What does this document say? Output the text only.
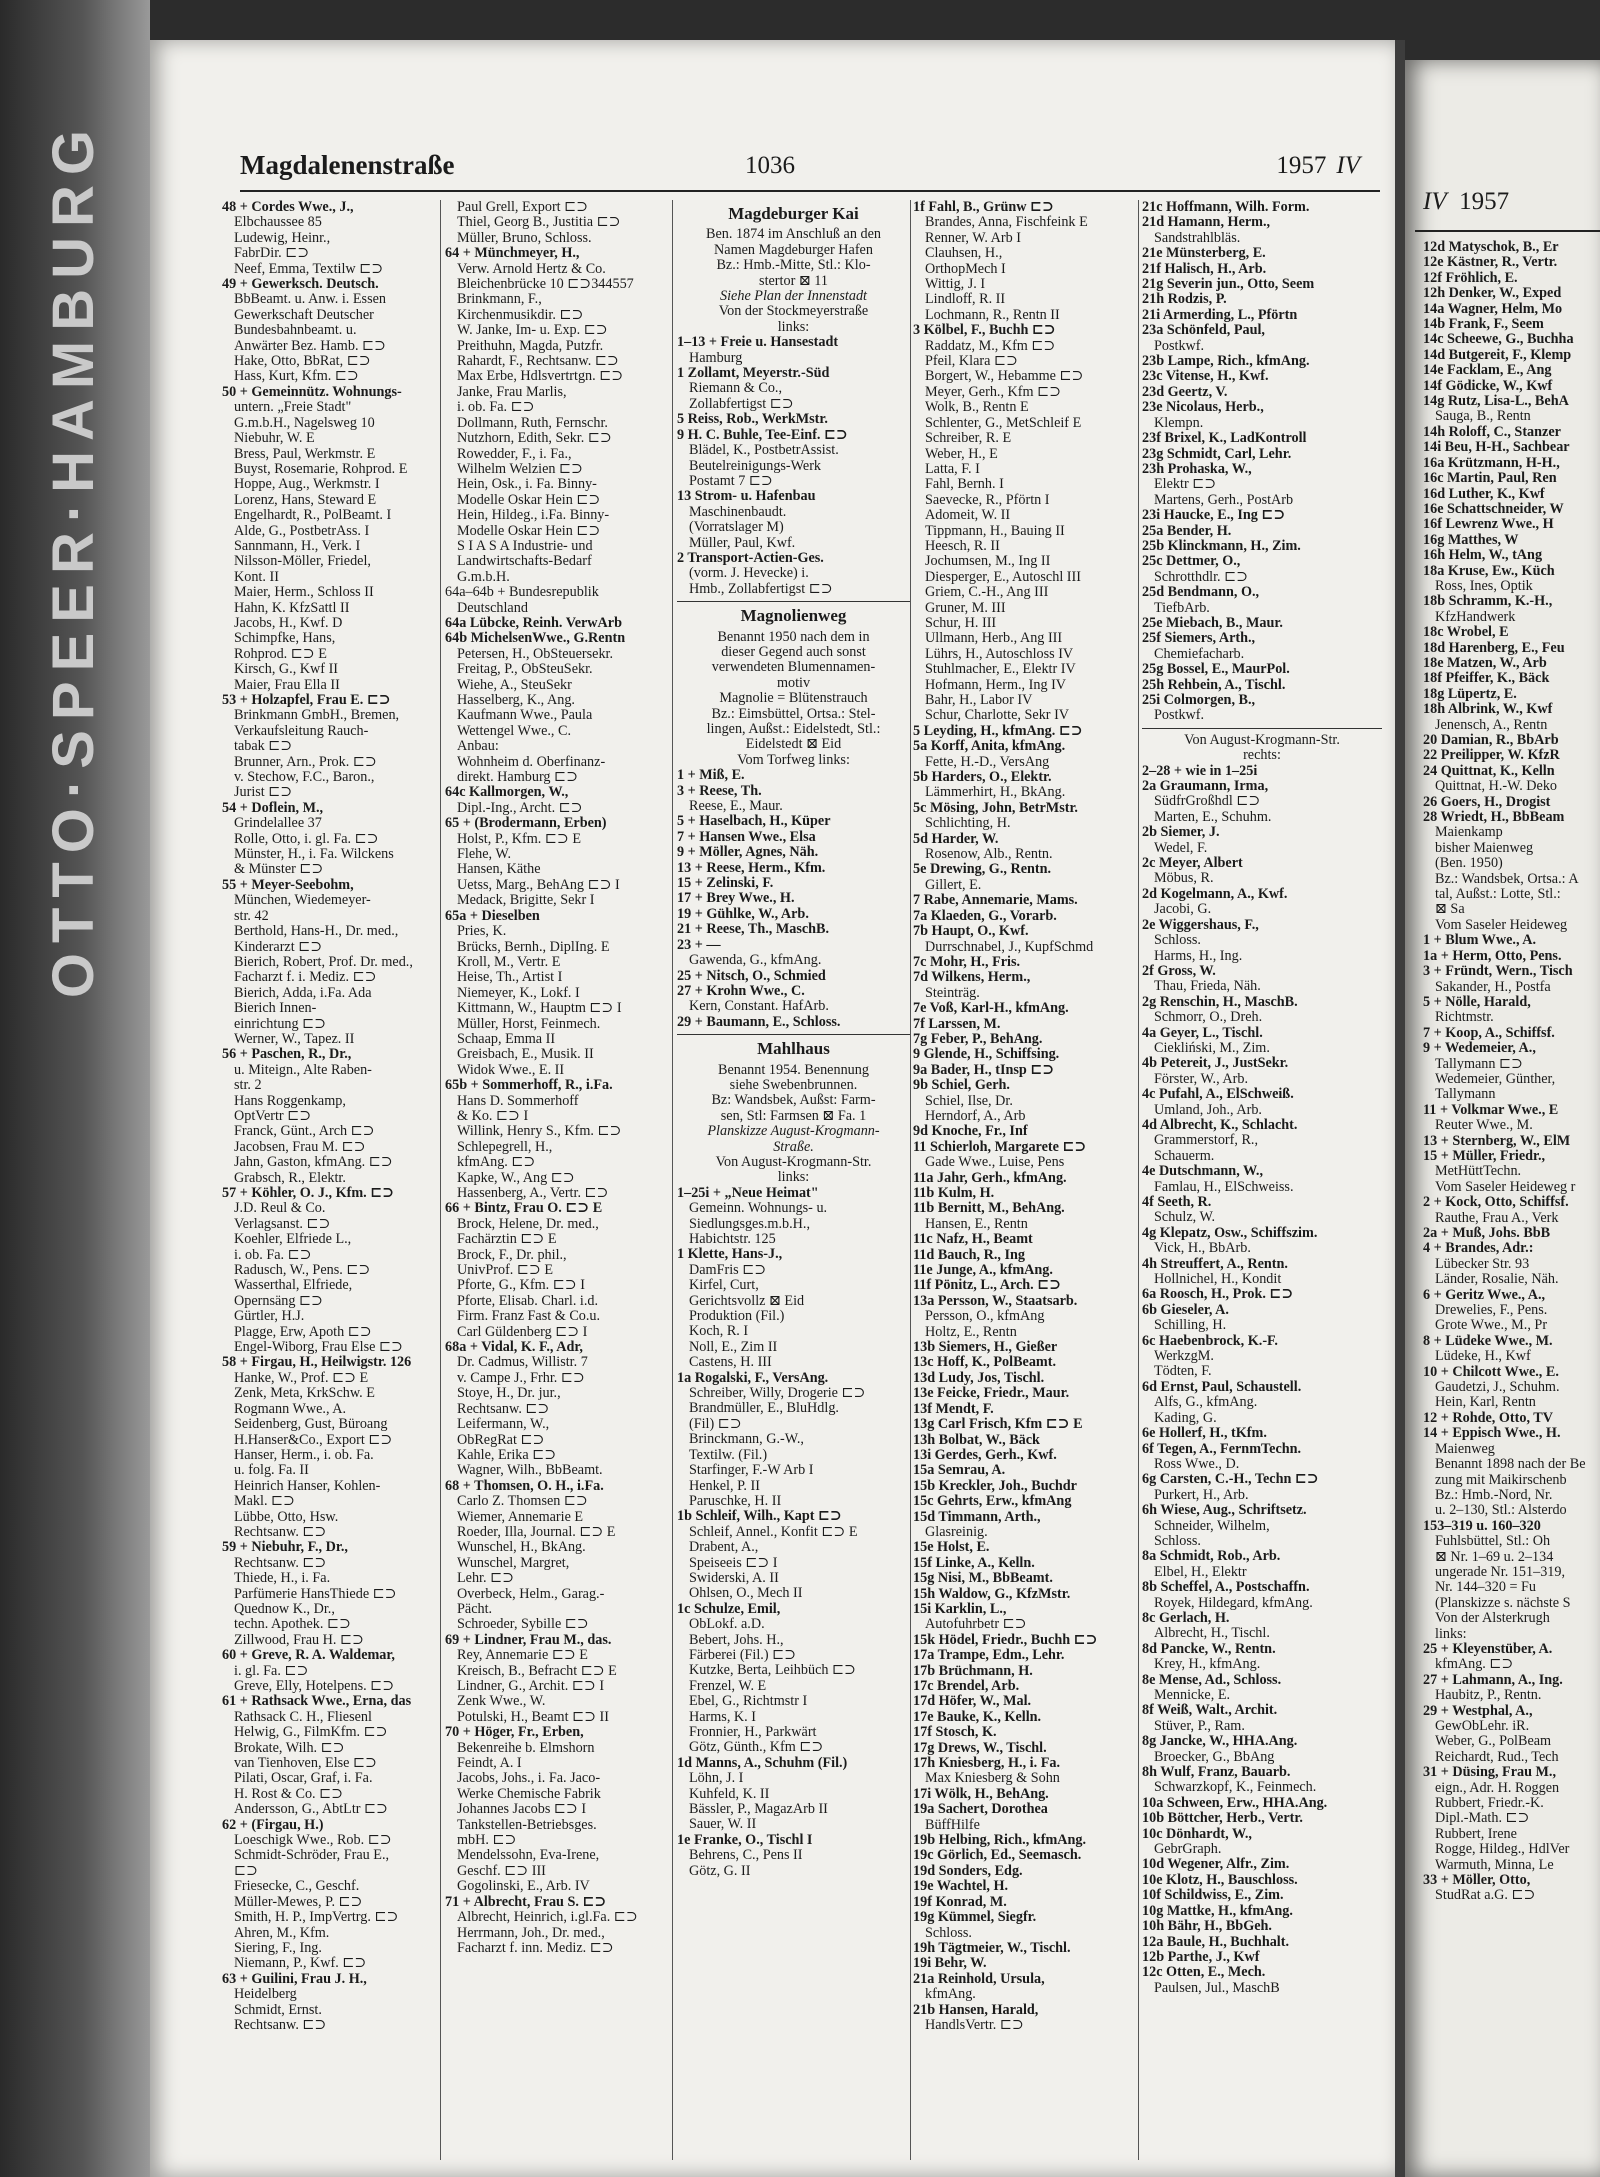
OTTO·SPEER·HAMBURG	Magdalenenstraße	1036	1957 IV
48 + Cordes Wwe., J.,
Elbchaussee 85
Ludewig, Heinr.,
FabrDir. ⊏⊃
Neef, Emma, Textilw ⊏⊃
49 + Gewerksch. Deutsch.
BbBeamt. u. Anw. i. Essen
Gewerkschaft Deutscher
Bundesbahnbeamt. u.
Anwärter Bez. Hamb. ⊏⊃
Hake, Otto, BbRat, ⊏⊃
Hass, Kurt, Kfm. ⊏⊃
50 + Gemeinnütz. Wohnungs-
untern. „Freie Stadt"
G.m.b.H., Nagelsweg 10
Niebuhr, W. E
Bress, Paul, Werkmstr. E
Buyst, Rosemarie, Rohprod. E
Hoppe, Aug., Werkmstr. I
Lorenz, Hans, Steward E
Engelhardt, R., PolBeamt. I
Alde, G., PostbetrAss. I
Sannmann, H., Verk. I
Nilsson-Möller, Friedel,
Kont. II
Maier, Herm., Schloss II
Hahn, K. KfzSattl II
Jacobs, H., Kwf. D
Schimpfke, Hans,
Rohprod. ⊏⊃ E
Kirsch, G., Kwf II
Maier, Frau Ella II
53 + Holzapfel, Frau E. ⊏⊃
Brinkmann GmbH., Bremen,
Verkaufsleitung Rauch-
tabak ⊏⊃
Brunner, Arn., Prok. ⊏⊃
v. Stechow, F.C., Baron.,
Jurist ⊏⊃
54 + Doflein, M.,
Grindelallee 37
Rolle, Otto, i. gl. Fa. ⊏⊃
Münster, H., i. Fa. Wilckens
& Münster ⊏⊃
55 + Meyer-Seebohm,
München, Wiedemeyer-
str. 42
Berthold, Hans-H., Dr. med.,
Kinderarzt ⊏⊃
Bierich, Robert, Prof. Dr. med.,
Facharzt f. i. Mediz. ⊏⊃
Bierich, Adda, i.Fa. Ada
Bierich Innen-
einrichtung ⊏⊃
Werner, W., Tapez. II
56 + Paschen, R., Dr.,
u. Miteign., Alte Raben-
str. 2
Hans Roggenkamp,
OptVertr ⊏⊃
Franck, Günt., Arch ⊏⊃
Jacobsen, Frau M. ⊏⊃
Jahn, Gaston, kfmAng. ⊏⊃
Grabsch, R., Elektr.
57 + Köhler, O. J., Kfm. ⊏⊃
J.D. Reul & Co.
Verlagsanst. ⊏⊃
Koehler, Elfriede L.,
i. ob. Fa. ⊏⊃
Radusch, W., Pens. ⊏⊃
Wasserthal, Elfriede,
Opernsäng ⊏⊃
Gürtler, H.J.
Plagge, Erw, Apoth ⊏⊃
Engel-Wiborg, Frau Else ⊏⊃
58 + Firgau, H., Heilwigstr. 126
Hanke, W., Prof. ⊏⊃ E
Zenk, Meta, KrkSchw. E
Rogmann Wwe., A.
Seidenberg, Gust, Büroang
H.Hanser&Co., Export ⊏⊃
Hanser, Herm., i. ob. Fa.
u. folg. Fa. II
Heinrich Hanser, Kohlen-
Makl. ⊏⊃
Lübbe, Otto, Hsw.
Rechtsanw. ⊏⊃
59 + Niebuhr, F., Dr.,
Rechtsanw. ⊏⊃
Thiede, H., i. Fa.
Parfümerie HansThiede ⊏⊃
Quednow K., Dr.,
techn. Apothek. ⊏⊃
Zillwood, Frau H. ⊏⊃
60 + Greve, R. A. Waldemar,
i. gl. Fa. ⊏⊃
Greve, Elly, Hotelpens. ⊏⊃
61 + Rathsack Wwe., Erna, das
Rathsack C. H., Fliesenl
Helwig, G., FilmKfm. ⊏⊃
Brokate, Wilh. ⊏⊃
van Tienhoven, Else ⊏⊃
Pilati, Oscar, Graf, i. Fa.
H. Rost & Co. ⊏⊃
Andersson, G., AbtLtr ⊏⊃
62 + (Firgau, H.)
Loeschigk Wwe., Rob. ⊏⊃
Schmidt-Schröder, Frau E.,
⊏⊃
Friesecke, C., Geschf.
Müller-Mewes, P. ⊏⊃
Smith, H. P., ImpVertrg. ⊏⊃
Ahren, M., Kfm.
Siering, F., Ing.
Niemann, P., Kwf. ⊏⊃
63 + Guilini, Frau J. H.,
Heidelberg
Schmidt, Ernst.
Rechtsanw. ⊏⊃
Paul Grell, Export ⊏⊃
Thiel, Georg B., Justitia ⊏⊃
Müller, Bruno, Schloss.
64 + Münchmeyer, H.,
Verw. Arnold Hertz & Co.
Bleichenbrücke 10 ⊏⊃344557
Brinkmann, F.,
Kirchenmusikdir. ⊏⊃
W. Janke, Im- u. Exp. ⊏⊃
Preithuhn, Magda, Putzfr.
Rahardt, F., Rechtsanw. ⊏⊃
Max Erbe, Hdlsvertrtgn. ⊏⊃
Janke, Frau Marlis,
i. ob. Fa. ⊏⊃
Dollmann, Ruth, Fernschr.
Nutzhorn, Edith, Sekr. ⊏⊃
Rowedder, F., i. Fa.,
Wilhelm Welzien ⊏⊃
Hein, Osk., i. Fa. Binny-
Modelle Oskar Hein ⊏⊃
Hein, Hildeg., i.Fa. Binny-
Modelle Oskar Hein ⊏⊃
S I A S A Industrie- und
Landwirtschafts-Bedarf
G.m.b.H.
64a–64b + Bundesrepublik
Deutschland
64a Lübcke, Reinh. VerwArb
64b MichelsenWwe., G.Rentn
Petersen, H., ObSteuersekr.
Freitag, P., ObSteuSekr.
Wiehe, A., SteuSekr
Hasselberg, K., Ang.
Kaufmann Wwe., Paula
Wettengel Wwe., C.
Anbau:
Wohnheim d. Oberfinanz-
direkt. Hamburg ⊏⊃
64c Kallmorgen, W.,
Dipl.-Ing., Archt. ⊏⊃
65 + (Brodermann, Erben)
Holst, P., Kfm. ⊏⊃ E
Flehe, W.
Hansen, Käthe
Uetss, Marg., BehAng ⊏⊃ I
Medack, Brigitte, Sekr I
65a + Dieselben
Pries, K.
Brücks, Bernh., DiplIng. E
Kroll, M., Vertr. E
Heise, Th., Artist I
Niemeyer, K., Lokf. I
Kittmann, W., Hauptm ⊏⊃ I
Müller, Horst, Feinmech.
Schaap, Emma II
Greisbach, E., Musik. II
Widok Wwe., E. II
65b + Sommerhoff, R., i.Fa.
Hans D. Sommerhoff
& Ko. ⊏⊃ I
Willink, Henry S., Kfm. ⊏⊃
Schlepegrell, H.,
kfmAng. ⊏⊃
Kapke, W., Ang ⊏⊃
Hassenberg, A., Vertr. ⊏⊃
66 + Bintz, Frau O. ⊏⊃ E
Brock, Helene, Dr. med.,
Fachärztin ⊏⊃ E
Brock, F., Dr. phil.,
UnivProf. ⊏⊃ E
Pforte, G., Kfm. ⊏⊃ I
Pforte, Elisab. Charl. i.d.
Firm. Franz Fast & Co.u.
Carl Güldenberg ⊏⊃ I
68a + Vidal, K. F., Adr,
Dr. Cadmus, Willistr. 7
v. Campe J., Frhr. ⊏⊃
Stoye, H., Dr. jur.,
Rechtsanw. ⊏⊃
Leifermann, W.,
ObRegRat ⊏⊃
Kahle, Erika ⊏⊃
Wagner, Wilh., BbBeamt.
68 + Thomsen, O. H., i.Fa.
Carlo Z. Thomsen ⊏⊃
Wiemer, Annemarie E
Roeder, Illa, Journal. ⊏⊃ E
Wunschel, H., BkAng.
Wunschel, Margret,
Lehr. ⊏⊃
Overbeck, Helm., Garag.-
Pächt.
Schroeder, Sybille ⊏⊃
69 + Lindner, Frau M., das.
Rey, Annemarie ⊏⊃ E
Kreisch, B., Befracht ⊏⊃ E
Lindner, G., Archit. ⊏⊃ I
Zenk Wwe., W.
Potulski, H., Beamt ⊏⊃ II
70 + Höger, Fr., Erben,
Bekenreihe b. Elmshorn
Feindt, A. I
Jacobs, Johs., i. Fa. Jaco-
Werke Chemische Fabrik
Johannes Jacobs ⊏⊃ I
Tankstellen-Betriebsges.
mbH. ⊏⊃
Mendelssohn, Eva-Irene,
Geschf. ⊏⊃ III
Gogolinski, E., Arb. IV
71 + Albrecht, Frau S. ⊏⊃
Albrecht, Heinrich, i.gl.Fa. ⊏⊃
Herrmann, Joh., Dr. med.,
Facharzt f. inn. Mediz. ⊏⊃
Magdeburger Kai
Ben. 1874 im Anschluß an den
Namen Magdeburger Hafen
Bz.: Hmb.-Mitte, Stl.: Klo-
stertor ⊠ 11
Siehe Plan der Innenstadt
Von der Stockmeyerstraße
links:
1–13 + Freie u. Hansestadt
Hamburg
1 Zollamt, Meyerstr.-Süd
Riemann & Co.,
Zollabfertigst ⊏⊃
5 Reiss, Rob., WerkMstr.
9 H. C. Buhle, Tee-Einf. ⊏⊃
Blädel, K., PostbetrAssist.
Beutelreinigungs-Werk
Postamt 7 ⊏⊃
13 Strom- u. Hafenbau
Maschinenbaudt.
(Vorratslager M)
Müller, Paul, Kwf.
2 Transport-Actien-Ges.
(vorm. J. Hevecke) i.
Hmb., Zollabfertigst ⊏⊃
Magnolienweg
Benannt 1950 nach dem in
dieser Gegend auch sonst
verwendeten Blumennamen-
motiv
Magnolie = Blütenstrauch
Bz.: Eimsbüttel, Ortsa.: Stel-
lingen, Außst.: Eidelstedt, Stl.:
Eidelstedt ⊠ Eid
Vom Torfweg links:
1 + Miß, E.
3 + Reese, Th.
Reese, E., Maur.
5 + Haselbach, H., Küper
7 + Hansen Wwe., Elsa
9 + Möller, Agnes, Näh.
13 + Reese, Herm., Kfm.
15 + Zelinski, F.
17 + Brey Wwe., H.
19 + Gühlke, W., Arb.
21 + Reese, Th., MaschB.
23 + —
Gawenda, G., kfmAng.
25 + Nitsch, O., Schmied
27 + Krohn Wwe., C.
Kern, Constant. HafArb.
29 + Baumann, E., Schloss.
Mahlhaus
Benannt 1954. Benennung
siehe Swebenbrunnen.
Bz: Wandsbek, Außst: Farm-
sen, Stl: Farmsen ⊠ Fa. 1
Planskizze August-Krogmann-
Straße.
Von August-Krogmann-Str.
links:
1–25i + „Neue Heimat"
Gemeinn. Wohnungs- u.
Siedlungsges.m.b.H.,
Habichtstr. 125
1 Klette, Hans-J.,
DamFris ⊏⊃
Kirfel, Curt,
Gerichtsvollz ⊠ Eid
Produktion (Fil.)
Koch, R. I
Noll, E., Zim II
Castens, H. III
1a Rogalski, F., VersAng.
Schreiber, Willy, Drogerie ⊏⊃
Brandmüller, E., BluHdlg.
(Fil) ⊏⊃
Brinckmann, G.-W.,
Textilw. (Fil.)
Starfinger, F.-W Arb I
Henkel, P. II
Paruschke, H. II
1b Schleif, Wilh., Kapt ⊏⊃
Schleif, Annel., Konfit ⊏⊃ E
Drabent, A.,
Speiseeis ⊏⊃ I
Swiderski, A. II
Ohlsen, O., Mech II
1c Schulze, Emil,
ObLokf. a.D.
Bebert, Johs. H.,
Färberei (Fil.) ⊏⊃
Kutzke, Berta, Leihbüch ⊏⊃
Frenzel, W. E
Ebel, G., Richtmstr I
Harms, K. I
Fronnier, H., Parkwärt
Götz, Günth., Kfm ⊏⊃
1d Manns, A., Schuhm (Fil.)
Löhn, J. I
Kuhfeld, K. II
Bässler, P., MagazArb II
Sauer, W. II
1e Franke, O., Tischl I
Behrens, C., Pens II
Götz, G. II
1f Fahl, B., Grünw ⊏⊃
Brandes, Anna, Fischfeink E
Renner, W. Arb I
Clauhsen, H.,
OrthopMech I
Wittig, J. I
Lindloff, R. II
Lochmann, R., Rentn II
3 Kölbel, F., Buchh ⊏⊃
Raddatz, M., Kfm ⊏⊃
Pfeil, Klara ⊏⊃
Borgert, W., Hebamme ⊏⊃
Meyer, Gerh., Kfm ⊏⊃
Wolk, B., Rentn E
Schlenter, G., MetSchleif E
Schreiber, R. E
Weber, H., E
Latta, F. I
Fahl, Bernh. I
Saevecke, R., Pförtn I
Adomeit, W. II
Tippmann, H., Bauing II
Heesch, R. II
Jochumsen, M., Ing II
Diesperger, E., Autoschl III
Griem, C.-H., Ang III
Gruner, M. III
Schur, H. III
Ullmann, Herb., Ang III
Lührs, H., Autoschloss IV
Stuhlmacher, E., Elektr IV
Hofmann, Herm., Ing IV
Bahr, H., Labor IV
Schur, Charlotte, Sekr IV
5 Leyding, H., kfmAng. ⊏⊃
5a Korff, Anita, kfmAng.
Fette, H.-D., VersAng
5b Harders, O., Elektr.
Lämmerhirt, H., BkAng.
5c Mösing, John, BetrMstr.
Schlichting, H.
5d Harder, W.
Rosenow, Alb., Rentn.
5e Drewing, G., Rentn.
Gillert, E.
7 Rabe, Annemarie, Mams.
7a Klaeden, G., Vorarb.
7b Haupt, O., Kwf.
Durrschnabel, J., KupfSchmd
7c Mohr, H., Fris.
7d Wilkens, Herm.,
Steinträg.
7e Voß, Karl-H., kfmAng.
7f Larssen, M.
7g Feber, P., BehAng.
9 Glende, H., Schiffsing.
9a Bader, H., tInsp ⊏⊃
9b Schiel, Gerh.
Schiel, Ilse, Dr.
Herndorf, A., Arb
9d Knoche, Fr., Inf
11 Schierloh, Margarete ⊏⊃
Gade Wwe., Luise, Pens
11a Jahr, Gerh., kfmAng.
11b Kulm, H.
11b Bernitt, M., BehAng.
Hansen, E., Rentn
11c Nafz, H., Beamt
11d Bauch, R., Ing
11e Junge, A., kfmAng.
11f Pönitz, L., Arch. ⊏⊃
13a Persson, W., Staatsarb.
Persson, O., kfmAng
Holtz, E., Rentn
13b Siemers, H., Gießer
13c Hoff, K., PolBeamt.
13d Ludy, Jos, Tischl.
13e Feicke, Friedr., Maur.
13f Mendt, F.
13g Carl Frisch, Kfm ⊏⊃ E
13h Bolbat, W., Bäck
13i Gerdes, Gerh., Kwf.
15a Semrau, A.
15b Kreckler, Joh., Buchdr
15c Gehrts, Erw., kfmAng
15d Timmann, Arth.,
Glasreinig.
15e Holst, E.
15f Linke, A., Kelln.
15g Nisi, M., BbBeamt.
15h Waldow, G., KfzMstr.
15i Karklin, L.,
Autofuhrbetr ⊏⊃
15k Hödel, Friedr., Buchh ⊏⊃
17a Trampe, Edm., Lehr.
17b Brüchmann, H.
17c Brendel, Arb.
17d Höfer, W., Mal.
17e Bauke, K., Kelln.
17f Stosch, K.
17g Drews, W., Tischl.
17h Kniesberg, H., i. Fa.
Max Kniesberg & Sohn
17i Wölk, H., BehAng.
19a Sachert, Dorothea
BüffHilfe
19b Helbing, Rich., kfmAng.
19c Görlich, Ed., Seemasch.
19d Sonders, Edg.
19e Wachtel, H.
19f Konrad, M.
19g Kümmel, Siegfr.
Schloss.
19h Tägtmeier, W., Tischl.
19i Behr, W.
21a Reinhold, Ursula,
kfmAng.
21b Hansen, Harald,
HandlsVertr. ⊏⊃
21c Hoffmann, Wilh. Form.
21d Hamann, Herm.,
Sandstrahlbläs.
21e Münsterberg, E.
21f Halisch, H., Arb.
21g Severin jun., Otto, Seem
21h Rodzis, P.
21i Armerding, L., Pförtn
23a Schönfeld, Paul,
Postkwf.
23b Lampe, Rich., kfmAng.
23c Vitense, H., Kwf.
23d Geertz, V.
23e Nicolaus, Herb.,
Klempn.
23f Brixel, K., LadKontroll
23g Schmidt, Carl, Lehr.
23h Prohaska, W.,
Elektr ⊏⊃
Martens, Gerh., PostArb
23i Haucke, E., Ing ⊏⊃
25a Bender, H.
25b Klinckmann, H., Zim.
25c Dettmer, O.,
Schrotthdlr. ⊏⊃
25d Bendmann, O.,
TiefbArb.
25e Miebach, B., Maur.
25f Siemers, Arth.,
Chemiefacharb.
25g Bossel, E., MaurPol.
25h Rehbein, A., Tischl.
25i Colmorgen, B.,
Postkwf.
Von August-Krogmann-Str.
rechts:
2–28 + wie in 1–25i
2a Graumann, Irma,
SüdfrGroßhdl ⊏⊃
Marten, E., Schuhm.
2b Siemer, J.
Wedel, F.
2c Meyer, Albert
Möbus, R.
2d Kogelmann, A., Kwf.
Jacobi, G.
2e Wiggershaus, F.,
Schloss.
Harms, H., Ing.
2f Gross, W.
Thau, Frieda, Näh.
2g Renschin, H., MaschB.
Schmorr, O., Dreh.
4a Geyer, L., Tischl.
Ciekliński, M., Zim.
4b Petereit, J., JustSekr.
Förster, W., Arb.
4c Pufahl, A., ElSchweiß.
Umland, Joh., Arb.
4d Albrecht, K., Schlacht.
Grammerstorf, R.,
Schauerm.
4e Dutschmann, W.,
Famlau, H., ElSchweiss.
4f Seeth, R.
Schulz, W.
4g Klepatz, Osw., Schiffszim.
Vick, H., BbArb.
4h Streuffert, A., Rentn.
Hollnichel, H., Kondit
6a Roosch, H., Prok. ⊏⊃
6b Gieseler, A.
Schilling, H.
6c Haebenbrock, K.-F.
WerkzgM.
Tödten, F.
6d Ernst, Paul, Schaustell.
Alfs, G., kfmAng.
Kading, G.
6e Hollerf, H., tKfm.
6f Tegen, A., FernmTechn.
Ross Wwe., D.
6g Carsten, C.-H., Techn ⊏⊃
Purkert, H., Arb.
6h Wiese, Aug., Schriftsetz.
Schneider, Wilhelm,
Schloss.
8a Schmidt, Rob., Arb.
Elbel, H., Elektr
8b Scheffel, A., Postschaffn.
Royek, Hildegard, kfmAng.
8c Gerlach, H.
Albrecht, H., Tischl.
8d Pancke, W., Rentn.
Krey, H., kfmAng.
8e Mense, Ad., Schloss.
Mennicke, E.
8f Weiß, Walt., Archit.
Stüver, P., Ram.
8g Jancke, W., HHA.Ang.
Broecker, G., BbAng
8h Wulf, Franz, Bauarb.
Schwarzkopf, K., Feinmech.
10a Schween, Erw., HHA.Ang.
10b Böttcher, Herb., Vertr.
10c Dönhardt, W.,
GebrGraph.
10d Wegener, Alfr., Zim.
10e Klotz, H., Bauschloss.
10f Schildwiss, E., Zim.
10g Mattke, H., kfmAng.
10h Bähr, H., BbGeh.
12a Baule, H., Buchhalt.
12b Parthe, J., Kwf
12c Otten, E., Mech.
Paulsen, Jul., MaschB
IV 1957
12d Matyschok, B., Er
12e Kästner, R., Vertr.
12f Fröhlich, E.
12h Denker, W., Exped
14a Wagner, Helm, Mo
14b Frank, F., Seem
14c Scheewe, G., Buchha
14d Butgereit, F., Klemp
14e Facklam, E., Ang
14f Gödicke, W., Kwf
14g Rutz, Lisa-L., BehA
Sauga, B., Rentn
14h Roloff, C., Stanzer
14i Beu, H-H., Sachbear
16a Krützmann, H-H.,
16c Martin, Paul, Ren
16d Luther, K., Kwf
16e Schattschneider, W
16f Lewrenz Wwe., H
16g Matthes, W
16h Helm, W., tAng
18a Kruse, Ew., Küch
Ross, Ines, Optik
18b Schramm, K.-H.,
KfzHandwerk
18c Wrobel, E
18d Harenberg, E., Feu
18e Matzen, W., Arb
18f Pfeiffer, K., Bäck
18g Lüpertz, E.
18h Albrink, W., Kwf
Jenensch, A., Rentn
20 Damian, R., BbArb
22 Preilipper, W. KfzR
24 Quittnat, K., Kelln
Quittnat, H.-W. Deko
26 Goers, H., Drogist
28 Wriedt, H., BbBeam
Maienkamp
bisher Maienweg
(Ben. 1950)
Bz.: Wandsbek, Ortsa.: A
tal, Außst.: Lotte, Stl.:
⊠ Sa
Vom Saseler Heideweg
1 + Blum Wwe., A.
1a + Herm, Otto, Pens.
3 + Fründt, Wern., Tisch
Sakander, H., Postfa
5 + Nölle, Harald,
Richtmstr.
7 + Koop, A., Schiffsf.
9 + Wedemeier, A.,
Tallymann ⊏⊃
Wedemeier, Günther,
Tallymann
11 + Volkmar Wwe., E
Reuter Wwe., M.
13 + Sternberg, W., ElM
15 + Müller, Friedr.,
MetHüttTechn.
Vom Saseler Heideweg r
2 + Kock, Otto, Schiffsf.
Rauthe, Frau A., Verk
2a + Muß, Johs. BbB
4 + Brandes, Adr.:
Lübecker Str. 93
Länder, Rosalie, Näh.
6 + Geritz Wwe., A.,
Drewelies, F., Pens.
Grote Wwe., M., Pr
8 + Lüdeke Wwe., M.
Lüdeke, H., Kwf
10 + Chilcott Wwe., E.
Gaudetzi, J., Schuhm.
Hein, Karl, Rentn
12 + Rohde, Otto, TV
14 + Eppisch Wwe., H.
Maienweg
Benannt 1898 nach der Be
zung mit Maikirschenb
Bz.: Hmb.-Nord, Nr.
u. 2–130, Stl.: Alsterdo
153–319 u. 160–320
Fuhlsbüttel, Stl.: Oh
⊠ Nr. 1–69 u. 2–134
ungerade Nr. 151–319,
Nr. 144–320 = Fu
(Planskizze s. nächste S
Von der Alsterkrugh
links:
25 + Kleyenstüber, A.
kfmAng. ⊏⊃
27 + Lahmann, A., Ing.
Haubitz, P., Rentn.
29 + Westphal, A.,
GewObLehr. iR.
Weber, G., PolBeam
Reichardt, Rud., Tech
31 + Düsing, Frau M.,
eign., Adr. H. Roggen
Rubbert, Friedr.-K.
Dipl.-Math. ⊏⊃
Rubbert, Irene
Rogge, Hildeg., HdlVer
Warmuth, Minna, Le
33 + Möller, Otto,
StudRat a.G. ⊏⊃
